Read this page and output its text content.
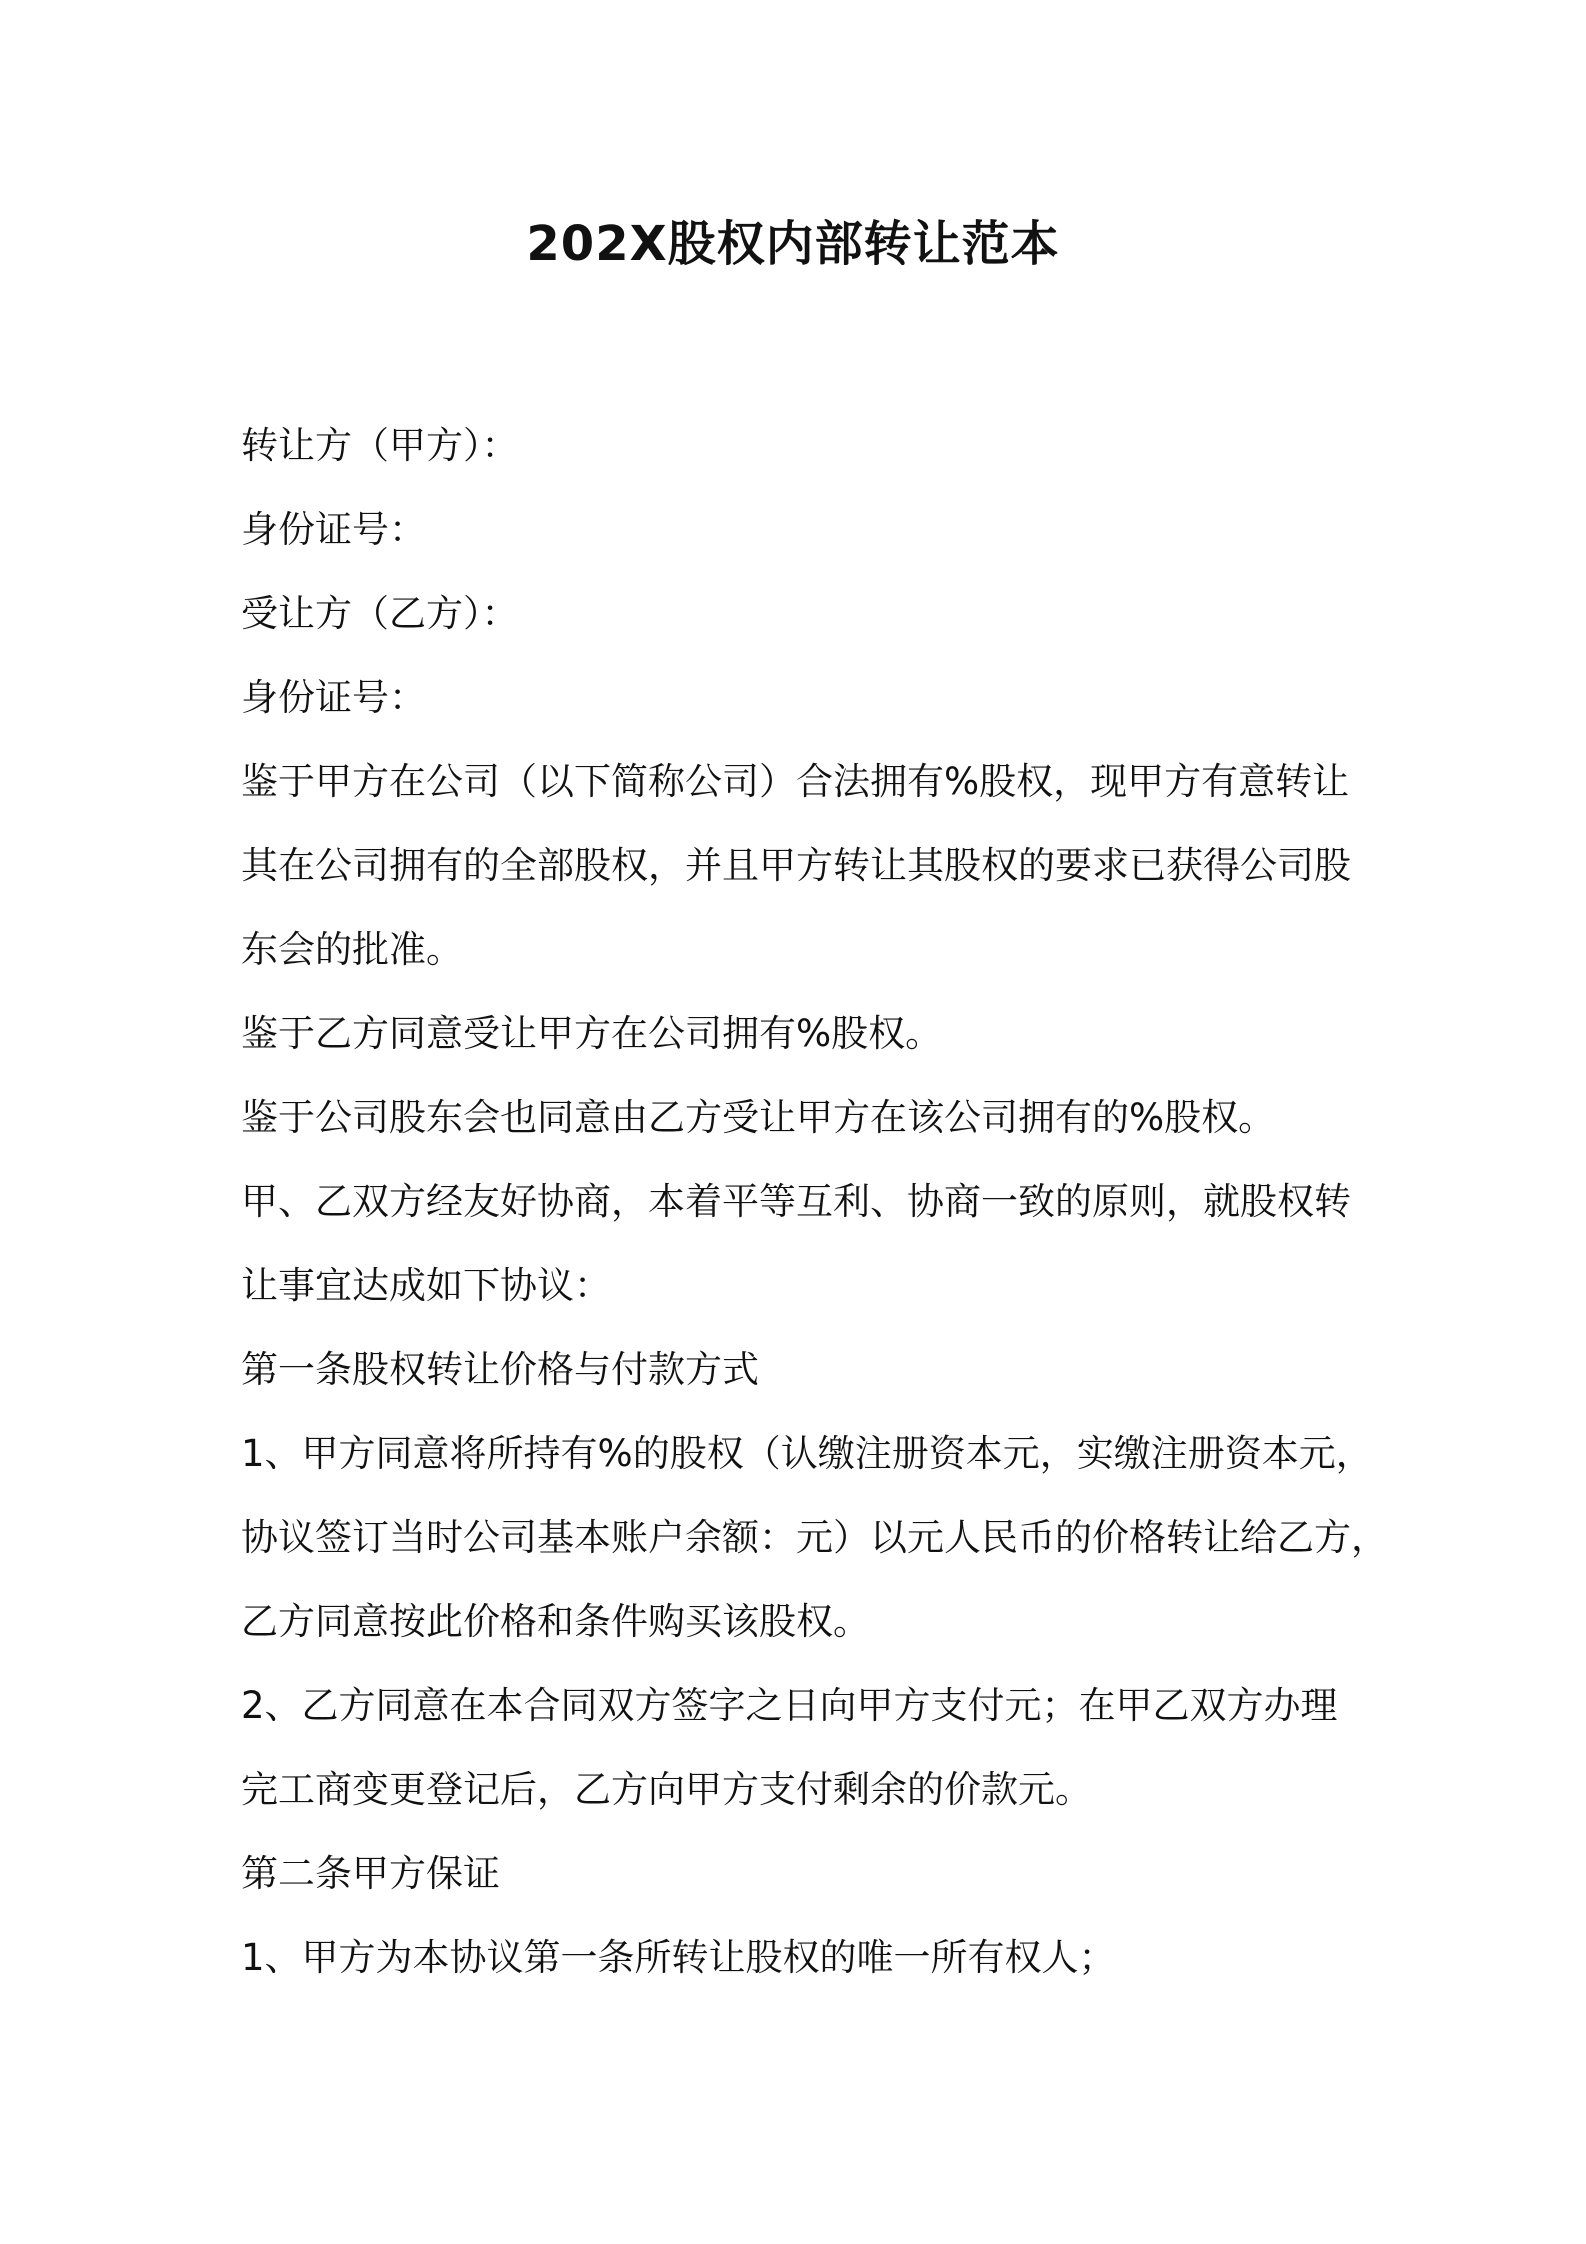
202X股权内部转让范本
转让方（甲方）：
身份证号：
受让方（乙方）：
身份证号：
鉴于甲方在公司（以下简称公司）合法拥有%股权，现甲方有意转让
其在公司拥有的全部股权，并且甲方转让其股权的要求已获得公司股
东会的批准。
鉴于乙方同意受让甲方在公司拥有%股权。
鉴于公司股东会也同意由乙方受让甲方在该公司拥有的%股权。
甲、乙双方经友好协商，本着平等互利、协商一致的原则，就股权转
让事宜达成如下协议：
第一条股权转让价格与付款方式
1、甲方同意将所持有%的股权（认缴注册资本元，实缴注册资本元，
协议签订当时公司基本账户余额：元）以元人民币的价格转让给乙方，
乙方同意按此价格和条件购买该股权。
2、乙方同意在本合同双方签字之日向甲方支付元；在甲乙双方办理
完工商变更登记后，乙方向甲方支付剩余的价款元。
第二条甲方保证
1、甲方为本协议第一条所转让股权的唯一所有权人；
